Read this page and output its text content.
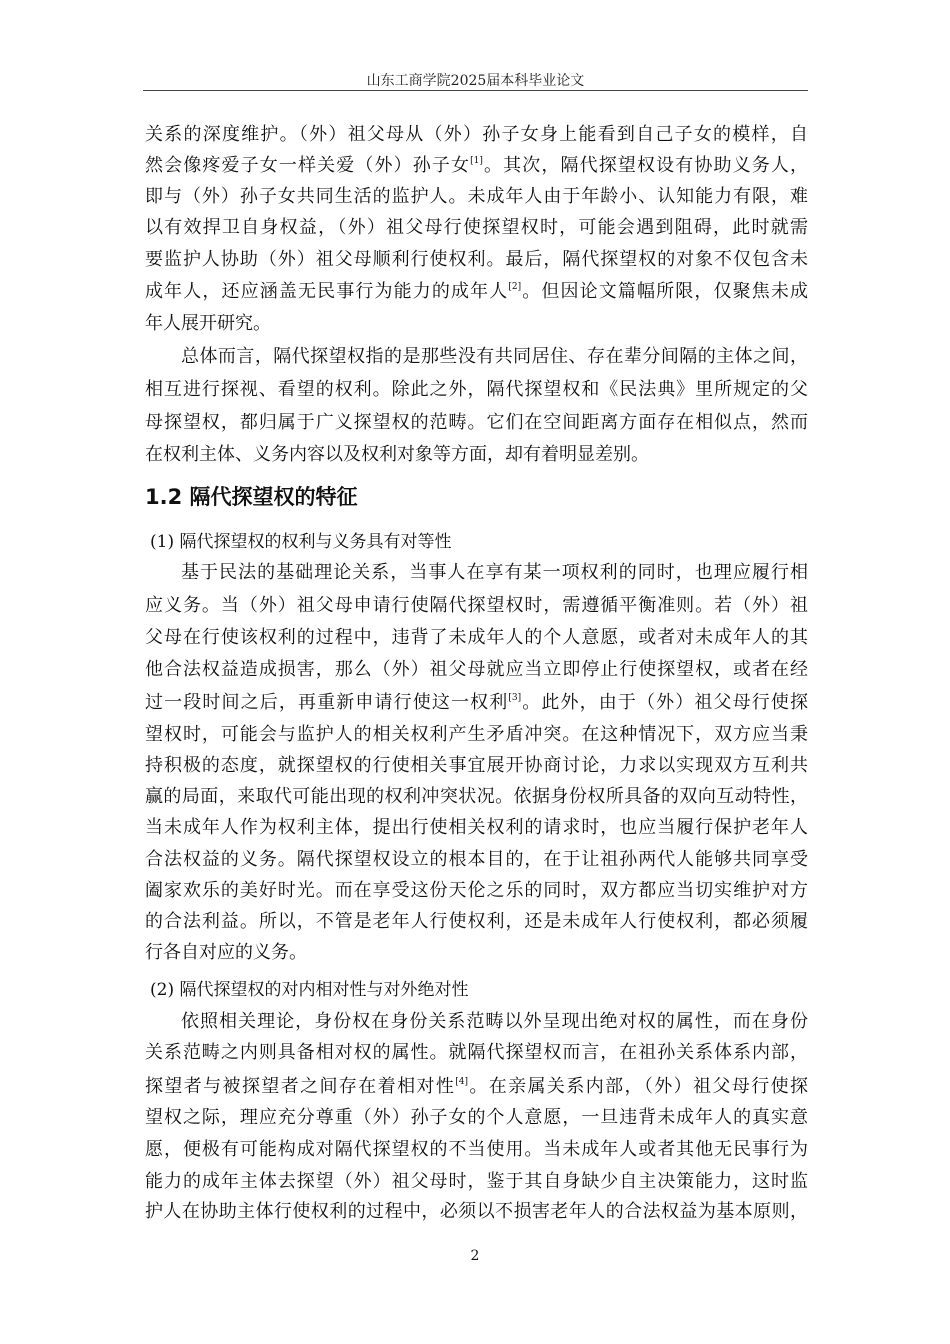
山东工商学院2025届本科毕业论文
关系的深度维护。（外）祖父母从（外）孙子女身上能看到自己子女的模样，自
然会像疼爱子女一样关爱（外）孙子女[1]。其次，隔代探望权设有协助义务人，
即与（外）孙子女共同生活的监护人。未成年人由于年龄小、认知能力有限，难
以有效捍卫自身权益，（外）祖父母行使探望权时，可能会遇到阻碍，此时就需
要监护人协助（外）祖父母顺利行使权利。最后，隔代探望权的对象不仅包含未
成年人，还应涵盖无民事行为能力的成年人[2]。但因论文篇幅所限，仅聚焦未成
年人展开研究。
总体而言，隔代探望权指的是那些没有共同居住、存在辈分间隔的主体之间，
相互进行探视、看望的权利。除此之外，隔代探望权和《民法典》里所规定的父
母探望权，都归属于广义探望权的范畴。它们在空间距离方面存在相似点，然而
在权利主体、义务内容以及权利对象等方面，却有着明显差别。
1.2 隔代探望权的特征
(1) 隔代探望权的权利与义务具有对等性
基于民法的基础理论关系，当事人在享有某一项权利的同时，也理应履行相
应义务。当（外）祖父母申请行使隔代探望权时，需遵循平衡准则。若（外）祖
父母在行使该权利的过程中，违背了未成年人的个人意愿，或者对未成年人的其
他合法权益造成损害，那么（外）祖父母就应当立即停止行使探望权，或者在经
过一段时间之后，再重新申请行使这一权利[3]。此外，由于（外）祖父母行使探
望权时，可能会与监护人的相关权利产生矛盾冲突。在这种情况下，双方应当秉
持积极的态度，就探望权的行使相关事宜展开协商讨论，力求以实现双方互利共
赢的局面，来取代可能出现的权利冲突状况。依据身份权所具备的双向互动特性，
当未成年人作为权利主体，提出行使相关权利的请求时，也应当履行保护老年人
合法权益的义务。隔代探望权设立的根本目的，在于让祖孙两代人能够共同享受
阖家欢乐的美好时光。而在享受这份天伦之乐的同时，双方都应当切实维护对方
的合法利益。所以，不管是老年人行使权利，还是未成年人行使权利，都必须履
行各自对应的义务。
(2) 隔代探望权的对内相对性与对外绝对性
依照相关理论，身份权在身份关系范畴以外呈现出绝对权的属性，而在身份
关系范畴之内则具备相对权的属性。就隔代探望权而言，在祖孙关系体系内部，
探望者与被探望者之间存在着相对性[4]。在亲属关系内部，（外）祖父母行使探
望权之际，理应充分尊重（外）孙子女的个人意愿，一旦违背未成年人的真实意
愿，便极有可能构成对隔代探望权的不当使用。当未成年人或者其他无民事行为
能力的成年主体去探望（外）祖父母时，鉴于其自身缺少自主决策能力，这时监
护人在协助主体行使权利的过程中，必须以不损害老年人的合法权益为基本原则，
2
